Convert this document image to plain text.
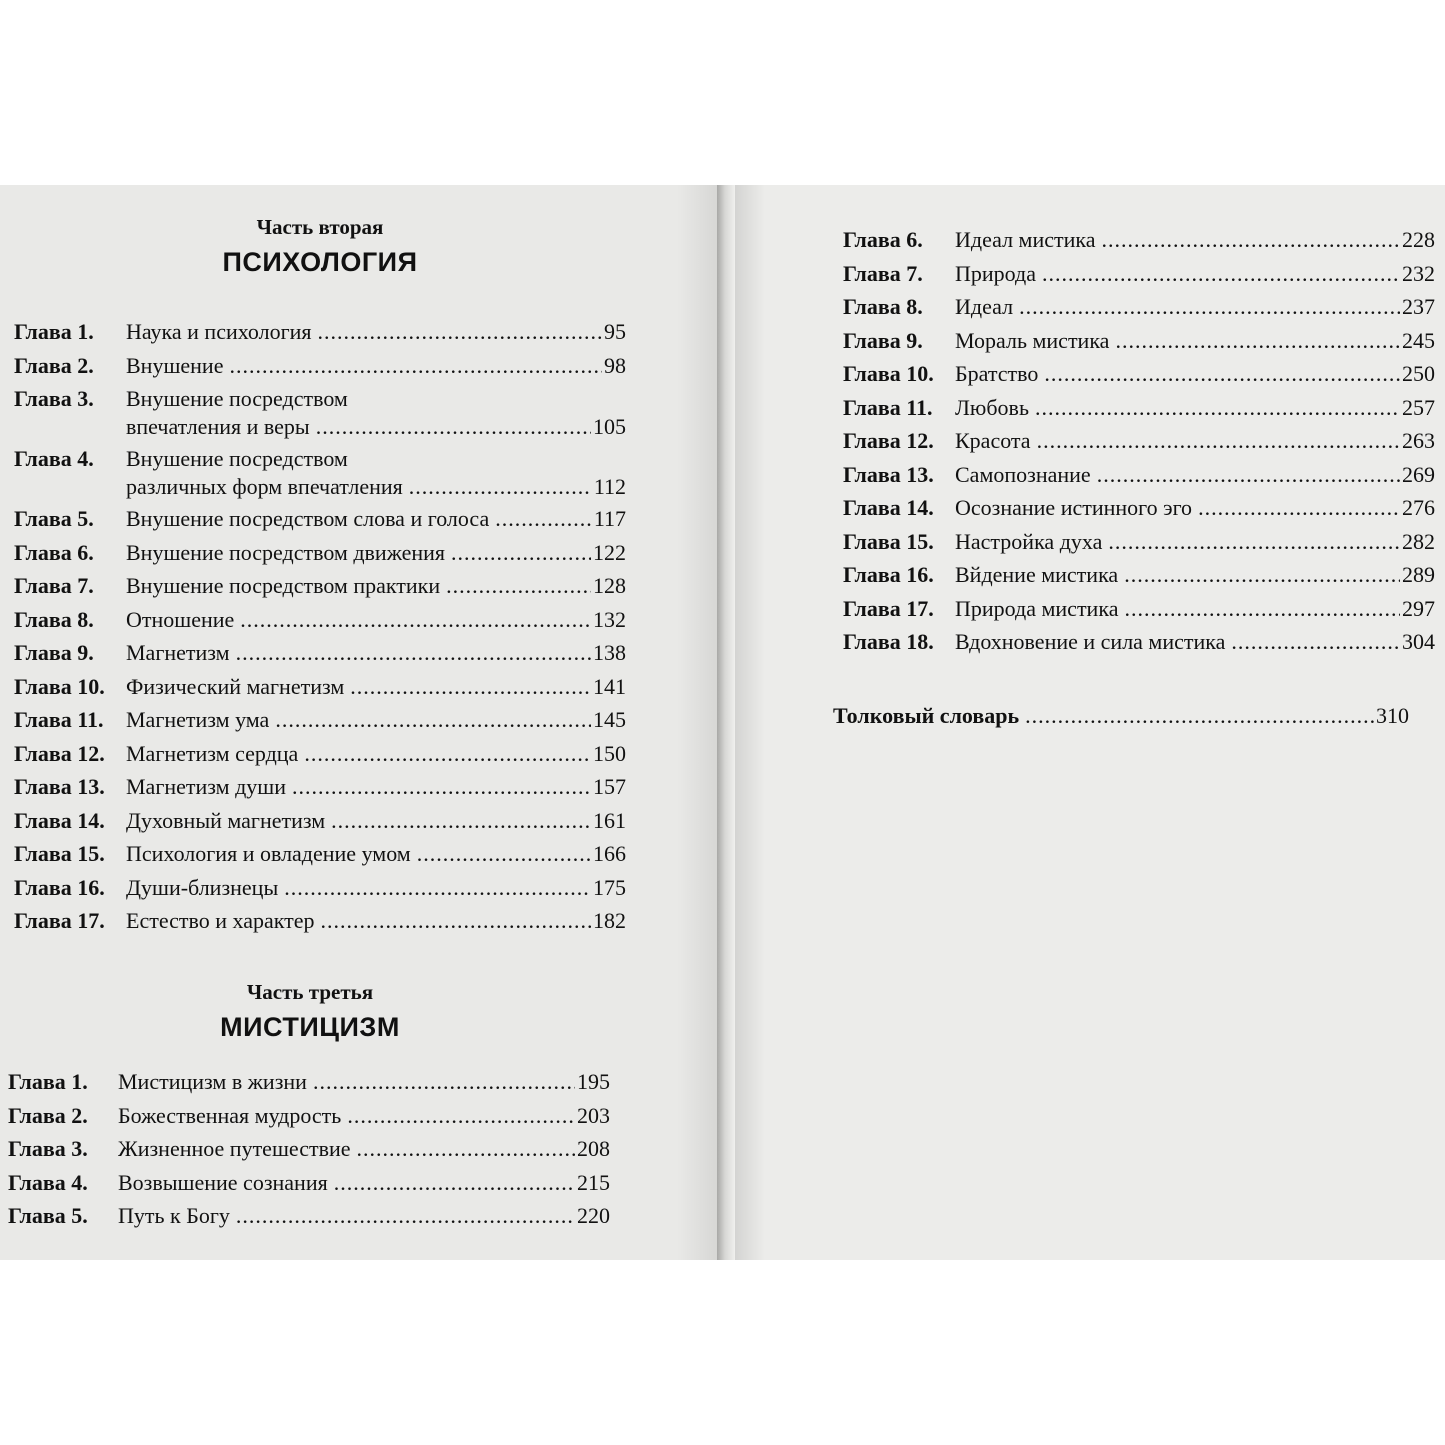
Часть вторая
ПСИХОЛОГИЯ
Глава 1. Наука и психология .....	95
Глава 2. Внушение .....	98
Глава 3. Внушение посредством
впечатления и веры .....	105
Глава 4. Внушение посредством
различных форм впечатления .....	112
Глава 5. Внушение посредством слова и голоса .....	117
Глава 6. Внушение посредством движения .....	122
Глава 7. Внушение посредством практики .....	128
Глава 8. Отношение .....	132
Глава 9. Магнетизм .....	138
Глава 10. Физический магнетизм .....	141
Глава 11. Магнетизм ума .....	145
Глава 12. Магнетизм сердца .....	150
Глава 13. Магнетизм души .....	157
Глава 14. Духовный магнетизм .....	161
Глава 15. Психология и овладение умом .....	166
Глава 16. Души-близнецы .....	175
Глава 17. Естество и характер .....	182
Часть третья
МИСТИЦИЗМ
Глава 1. Мистицизм в жизни .....	195
Глава 2. Божественная мудрость .....	203
Глава 3. Жизненное путешествие .....	208
Глава 4. Возвышение сознания .....	215
Глава 5. Путь к Богу .....	220
Глава 6. Идеал мистика .....	228
Глава 7. Природа .....	232
Глава 8. Идеал .....	237
Глава 9. Мораль мистика .....	245
Глава 10. Братство .....	250
Глава 11. Любовь .....	257
Глава 12. Красота .....	263
Глава 13. Самопознание .....	269
Глава 14. Осознание истинного эго .....	276
Глава 15. Настройка духа .....	282
Глава 16. Вйдение мистика .....	289
Глава 17. Природа мистика .....	297
Глава 18. Вдохновение и сила мистика .....	304
Толковый словарь .....	310
